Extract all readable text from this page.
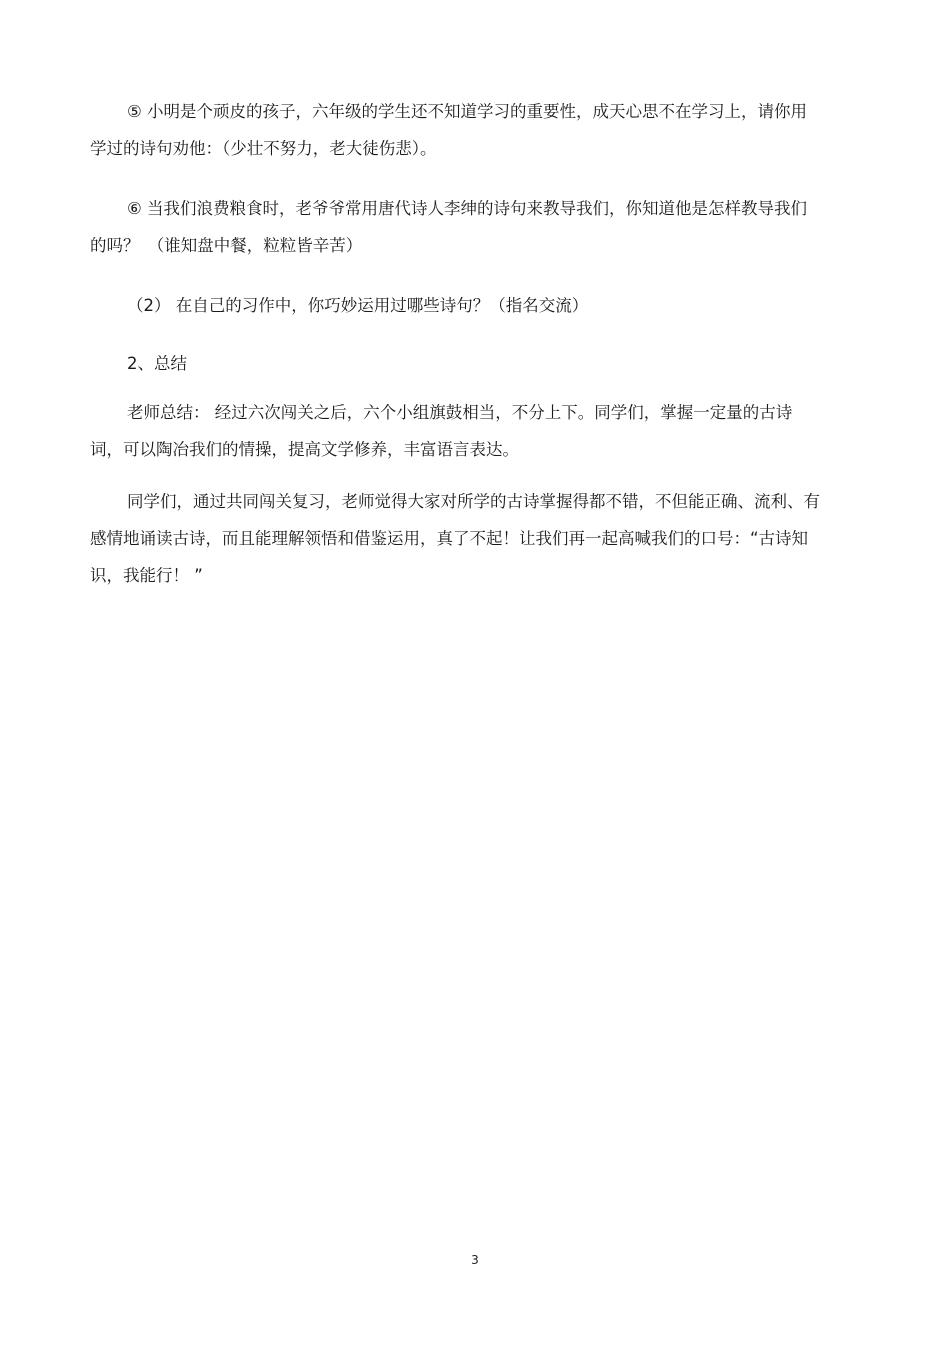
⑤ 小明是个顽皮的孩子，六年级的学生还不知道学习的重要性，成天心思不在学习上，请你用学过的诗句劝他：（少壮不努力，老大徒伤悲）。

⑥ 当我们浪费粮食时，老爷爷常用唐代诗人李绅的诗句来教导我们，你知道他是怎样教导我们的吗？　（谁知盘中餐，粒粒皆辛苦）

（2） 在自己的习作中，你巧妙运用过哪些诗句？（指名交流）

2、总结

老师总结： 经过六次闯关之后，六个小组旗鼓相当，不分上下。同学们，掌握一定量的古诗词，可以陶冶我们的情操，提高文学修养，丰富语言表达。

同学们，通过共同闯关复习，老师觉得大家对所学的古诗掌握得都不错，不但能正确、流利、有感情地诵读古诗，而且能理解领悟和借鉴运用，真了不起！让我们再一起高喊我们的口号：“古诗知识，我能行！ ”

3
